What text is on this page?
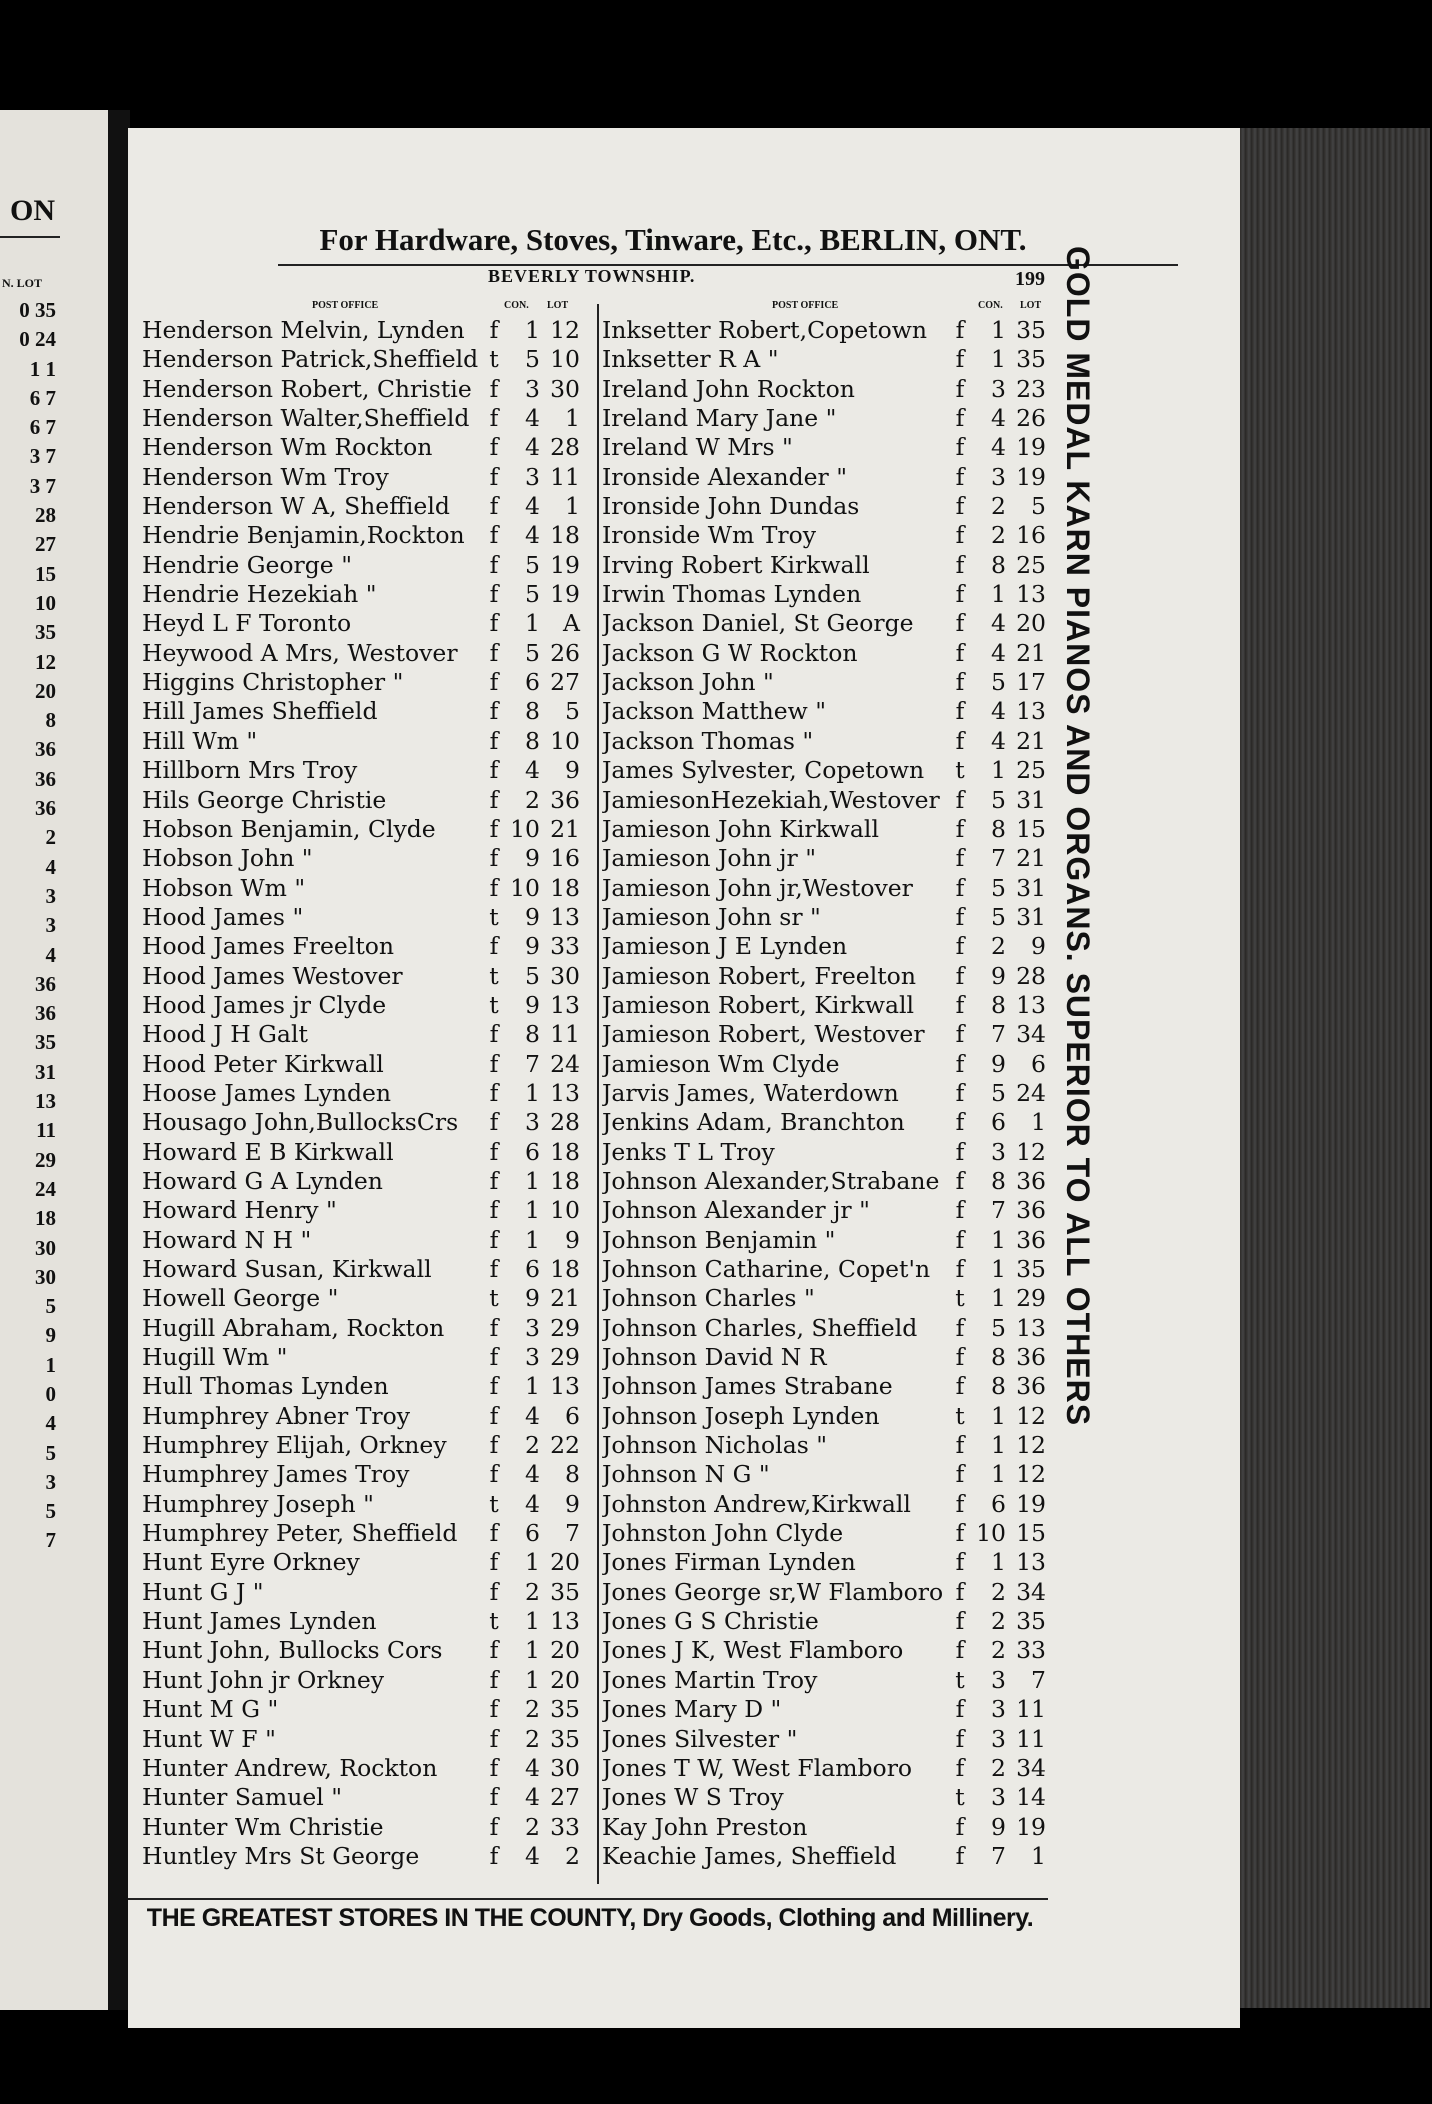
ON
N. LOT
0 35
0 24
1 1
6 7
6 7
3 7
3 7
28
27
15
10
35
12
20
8
36
36
36
2
4
3
3
4
36
36
35
31
13
11
29
24
18
30
30
5
9
1
0
4
5
3
5
7
For Hardware, Stoves, Tinware, Etc., BERLIN, ONT.
BEVERLY TOWNSHIP.	199
POST OFFICE	CON. LOT
Henderson Melvin, Lynden	f	1 12
Henderson Patrick,Sheffield t	5 10
Henderson Robert, Christie f	3 30
Henderson Walter,Sheffield f	4	1
Henderson Wm Rockton	f	4 28
Henderson Wm Troy	f	3 11
Henderson W A, Sheffield	f	4	1
Hendrie Benjamin,Rockton	f	4 18
Hendrie George "	f	5 19
Hendrie Hezekiah "	f	5 19
Heyd L F Toronto	f	1 A
Heywood A Mrs, Westover	f	5 26
Higgins Christopher "	f	6 27
Hill James Sheffield	f	8	5
Hill Wm "	f	8 10
Hillborn Mrs Troy	f	4	9
Hils George Christie	f	2 36
Hobson Benjamin, Clyde	f 10 21
Hobson John "	f	9 16
Hobson Wm "	f 10 18
Hood James "	t	9 13
Hood James Freelton	f	9 33
Hood James Westover	t	5 30
Hood James jr Clyde	t	9 13
Hood J H Galt	f	8 11
Hood Peter Kirkwall	f	7 24
Hoose James Lynden	f	1 13
Housago John,BullocksCrs	f	3 28
Howard E B Kirkwall	f	6 18
Howard G A Lynden	f	1 18
Howard Henry "	f	1 10
Howard N H "	f	1	9
Howard Susan, Kirkwall	f	6 18
Howell George "	t	9 21
Hugill Abraham, Rockton	f	3 29
Hugill Wm "	f	3 29
Hull Thomas Lynden	f	1 13
Humphrey Abner Troy	f	4	6
Humphrey Elijah, Orkney	f	2 22
Humphrey James Troy	f	4	8
Humphrey Joseph "	t	4	9
Humphrey Peter, Sheffield	f	6	7
Hunt Eyre Orkney	f	1 20
Hunt G J "	f	2 35
Hunt James Lynden	t	1 13
Hunt John, Bullocks Cors	f	1 20
Hunt John jr Orkney	f	1 20
Hunt M G "	f	2 35
Hunt W F "	f	2 35
Hunter Andrew, Rockton	f	4 30
Hunter Samuel "	f	4 27
Hunter Wm Christie	f	2 33
Huntley Mrs St George	f	4	2
POST OFFICE	CON. LOT
Inksetter Robert,Copetown	f	1 35
Inksetter R A "	f	1 35
Ireland John Rockton	f	3 23
Ireland Mary Jane "	f	4 26
Ireland W Mrs "	f	4 19
Ironside Alexander "	f	3 19
Ironside John Dundas	f	2	5
Ironside Wm Troy	f	2 16
Irving Robert Kirkwall	f	8 25
Irwin Thomas Lynden	f	1 13
Jackson Daniel, St George	f	4 20
Jackson G W Rockton	f	4 21
Jackson John "	f	5 17
Jackson Matthew "	f	4 13
Jackson Thomas "	f	4 21
James Sylvester, Copetown	t	1 25
JamiesonHezekiah,Westover f	5 31
Jamieson John Kirkwall	f	8 15
Jamieson John jr "	f	7 21
Jamieson John jr,Westover	f	5 31
Jamieson John sr "	f	5 31
Jamieson J E Lynden	f	2	9
Jamieson Robert, Freelton	f	9 28
Jamieson Robert, Kirkwall	f	8 13
Jamieson Robert, Westover	f	7 34
Jamieson Wm Clyde	f	9	6
Jarvis James, Waterdown	f	5 24
Jenkins Adam, Branchton	f	6	1
Jenks T L Troy	f	3 12
Johnson Alexander,Strabane f	8 36
Johnson Alexander jr "	f	7 36
Johnson Benjamin "	f	1 36
Johnson Catharine, Copet'n	f	1 35
Johnson Charles "	t	1 29
Johnson Charles, Sheffield	f	5 13
Johnson David N R	f	8 36
Johnson James Strabane	f	8 36
Johnson Joseph Lynden	t	1 12
Johnson Nicholas "	f	1 12
Johnson N G "	f	1 12
Johnston Andrew,Kirkwall	f	6 19
Johnston John Clyde	f 10 15
Jones Firman Lynden	f	1 13
Jones George sr,W Flamboro f	2 34
Jones G S Christie	f	2 35
Jones J K, West Flamboro	f	2 33
Jones Martin Troy	t	3	7
Jones Mary D "	f	3 11
Jones Silvester "	f	3 11
Jones T W, West Flamboro	f	2 34
Jones W S Troy	t	3 14
Kay John Preston	f	9 19
Keachie James, Sheffield	f	7	1
THE GREATEST STORES IN THE COUNTY, Dry Goods, Clothing and Millinery.
GOLD MEDAL KARN PIANOS AND ORGANS. SUPERIOR TO ALL OTHERS
